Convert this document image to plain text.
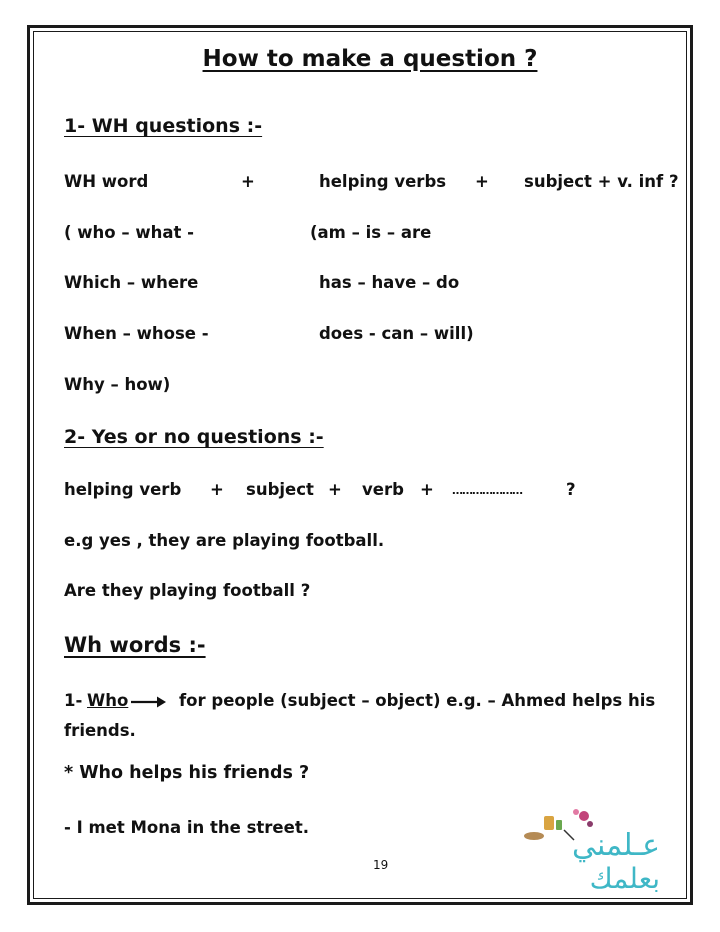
How to make a question ?
1- WH questions :-
WH word	+	helping verbs + subject + v. inf ?
( who – what -	(am – is – are
Which – where	has – have – do
When – whose -	does - can – will)
Why – how)
2- Yes or no questions :-
helping verb + subject + verb + …………………	?
e.g yes , they are playing football.
Are they playing football ?
Wh words :-
1- Who	for people (subject – object) e.g. – Ahmed helps his
friends.
* Who helps his friends ?
- I met Mona in the street.
19
عـلمني
بعلمك
